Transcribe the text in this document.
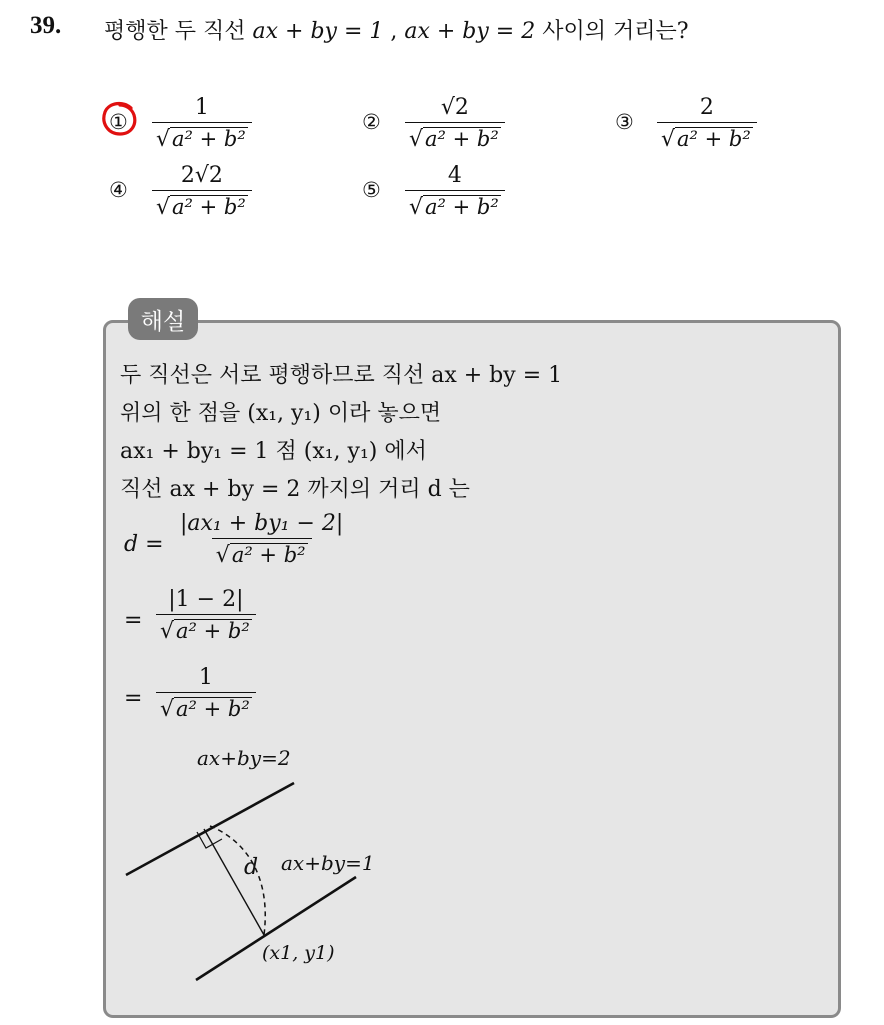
39. 평행한 두 직선 ax + by = 1 , ax + by = 2 사이의 거리는?
① $\frac{1}{\text{√a² + b²}}$	② $\frac{√2}{\text{√a² + b²}}$	③ $\frac{2}{\text{√a² + b²}}$
④ $\frac{2√2}{\text{√a² + b²}}$	⑤ $\frac{4}{\text{√a² + b²}}$
해설
두 직선은 서로 평행하므로 직선 ax + by = 1
위의 한 점을 (x₁, y₁) 이라 놓으면
ax₁ + by₁ = 1 점 (x₁, y₁) 에서
직선 ax + by = 2 까지의 거리 d 는
$d = \frac{\text{|ax₁ + by₁ − 2|}}{\text{√a² + b²}}$
= $\frac{|1 - 2|}{\text{√a² + b²}}$
= $\frac{1}{\text{√a² + b²}}$
ax+by=2
ax+by=1
d
(x1, y1)
